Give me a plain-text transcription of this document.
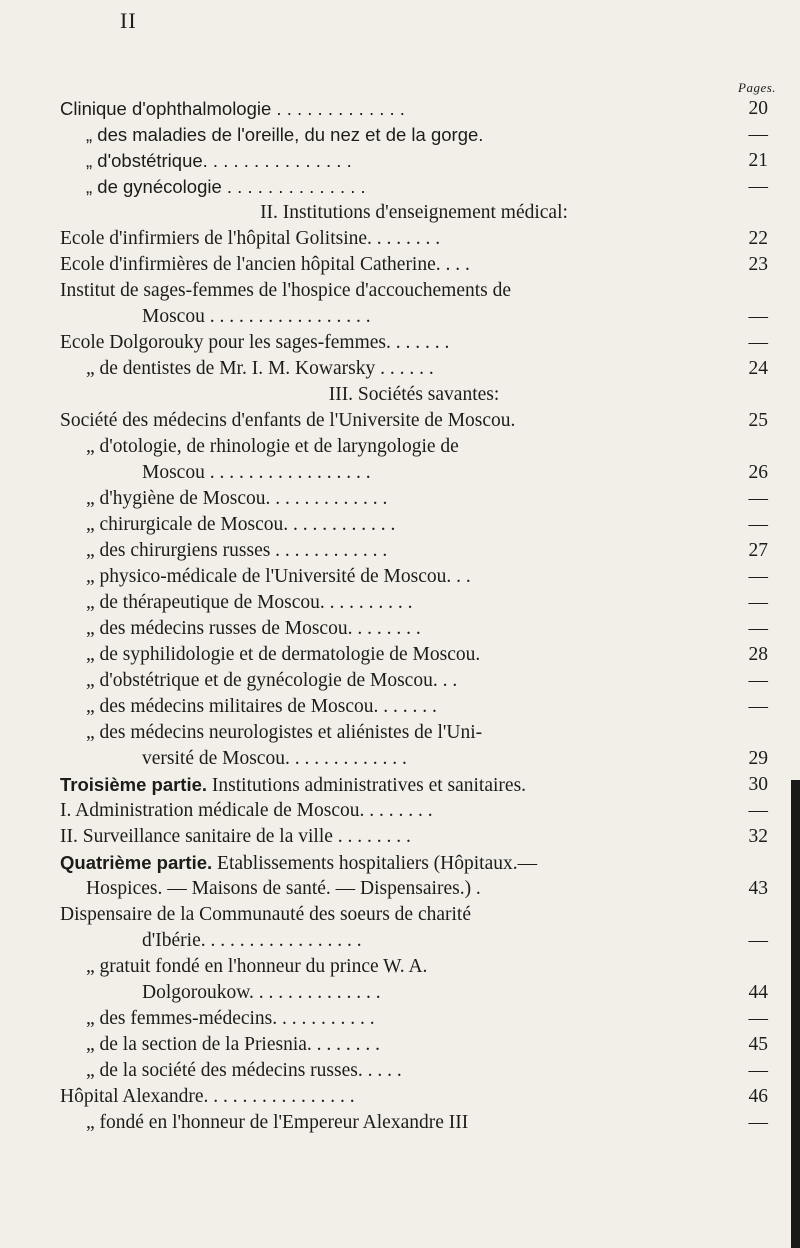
II
Pages.
Clinique d'ophthalmologie . . . . . . . . . . . . .	20
„ des maladies de l'oreille, du nez et de la gorge.	—
„ d'obstétrique. . . . . . . . . . . . . . .	21
„ de gynécologie . . . . . . . . . . . . . .	—
II. Institutions d'enseignement médical:
Ecole d'infirmiers de l'hôpital Golitsine. . . . . . . .	22
Ecole d'infirmières de l'ancien hôpital Catherine. . . .	23
Institut de sages-femmes de l'hospice d'accouchements de
Moscou . . . . . . . . . . . . . . . . .	—
Ecole Dolgorouky pour les sages-femmes. . . . . . .	—
„ de dentistes de Mr. I. M. Kowarsky . . . . . .	24
III. Sociétés savantes:
Société des médecins d'enfants de l'Universite de Moscou.	25
„ d'otologie, de rhinologie et de laryngologie de
Moscou . . . . . . . . . . . . . . . . .	26
„ d'hygiène de Moscou. . . . . . . . . . . . .	—
„ chirurgicale de Moscou. . . . . . . . . . . .	—
„ des chirurgiens russes . . . . . . . . . . . .	27
„ physico-médicale de l'Université de Moscou. . .	—
„ de thérapeutique de Moscou. . . . . . . . . .	—
„ des médecins russes de Moscou. . . . . . . .	—
„ de syphilidologie et de dermatologie de Moscou.	28
„ d'obstétrique et de gynécologie de Moscou. . .	—
„ des médecins militaires de Moscou. . . . . . .	—
„ des médecins neurologistes et aliénistes de l'Uni-
versité de Moscou. . . . . . . . . . . . .	29
Troisième partie. Institutions administratives et sanitaires.	30
I. Administration médicale de Moscou. . . . . . . .	—
II. Surveillance sanitaire de la ville . . . . . . . .	32
Quatrième partie. Etablissements hospitaliers (Hôpitaux.—
Hospices. — Maisons de santé. — Dispensaires.) .	43
Dispensaire de la Communauté des soeurs de charité
d'Ibérie. . . . . . . . . . . . . . . . .	—
„ gratuit fondé en l'honneur du prince W. A.
Dolgoroukow. . . . . . . . . . . . . .	44
„ des femmes-médecins. . . . . . . . . . .	—
„ de la section de la Priesnia. . . . . . . .	45
„ de la société des médecins russes. . . . .	—
Hôpital Alexandre. . . . . . . . . . . . . . . .	46
„ fondé en l'honneur de l'Empereur Alexandre III	—
